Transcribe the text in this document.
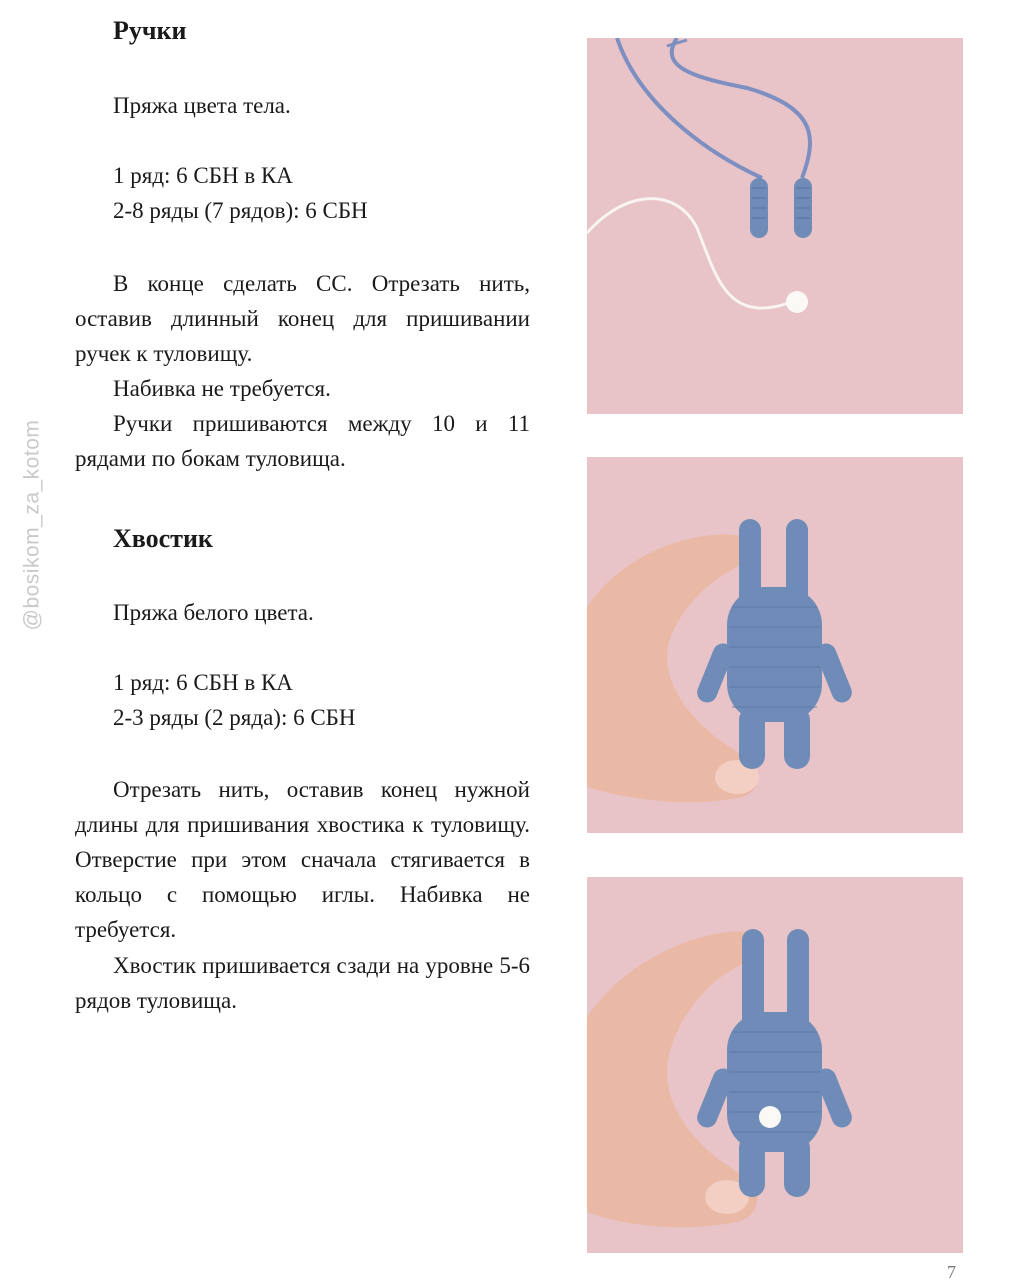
@bosikom_za_kotom
Ручки

Пряжа цвета тела.

1 ряд: 6 СБН в КА

2-8 ряды (7 рядов): 6 СБН

В конце сделать СС. Отрезать нить, оставив длинный конец для пришивании ручек к туловищу.

Набивка не требуется.

Ручки пришиваются между 10 и 11 рядами по бокам туловища.

Хвостик

Пряжа белого цвета.

1 ряд: 6 СБН в КА

2-3 ряды (2 ряда): 6 СБН

Отрезать нить, оставив конец нужной длины для пришивания хвостика к туловищу. Отверстие при этом сначала стягивается в кольцо с помощью иглы. Набивка не требуется.

Хвостик пришивается сзади на уровне 5-6 рядов туловища.

7
